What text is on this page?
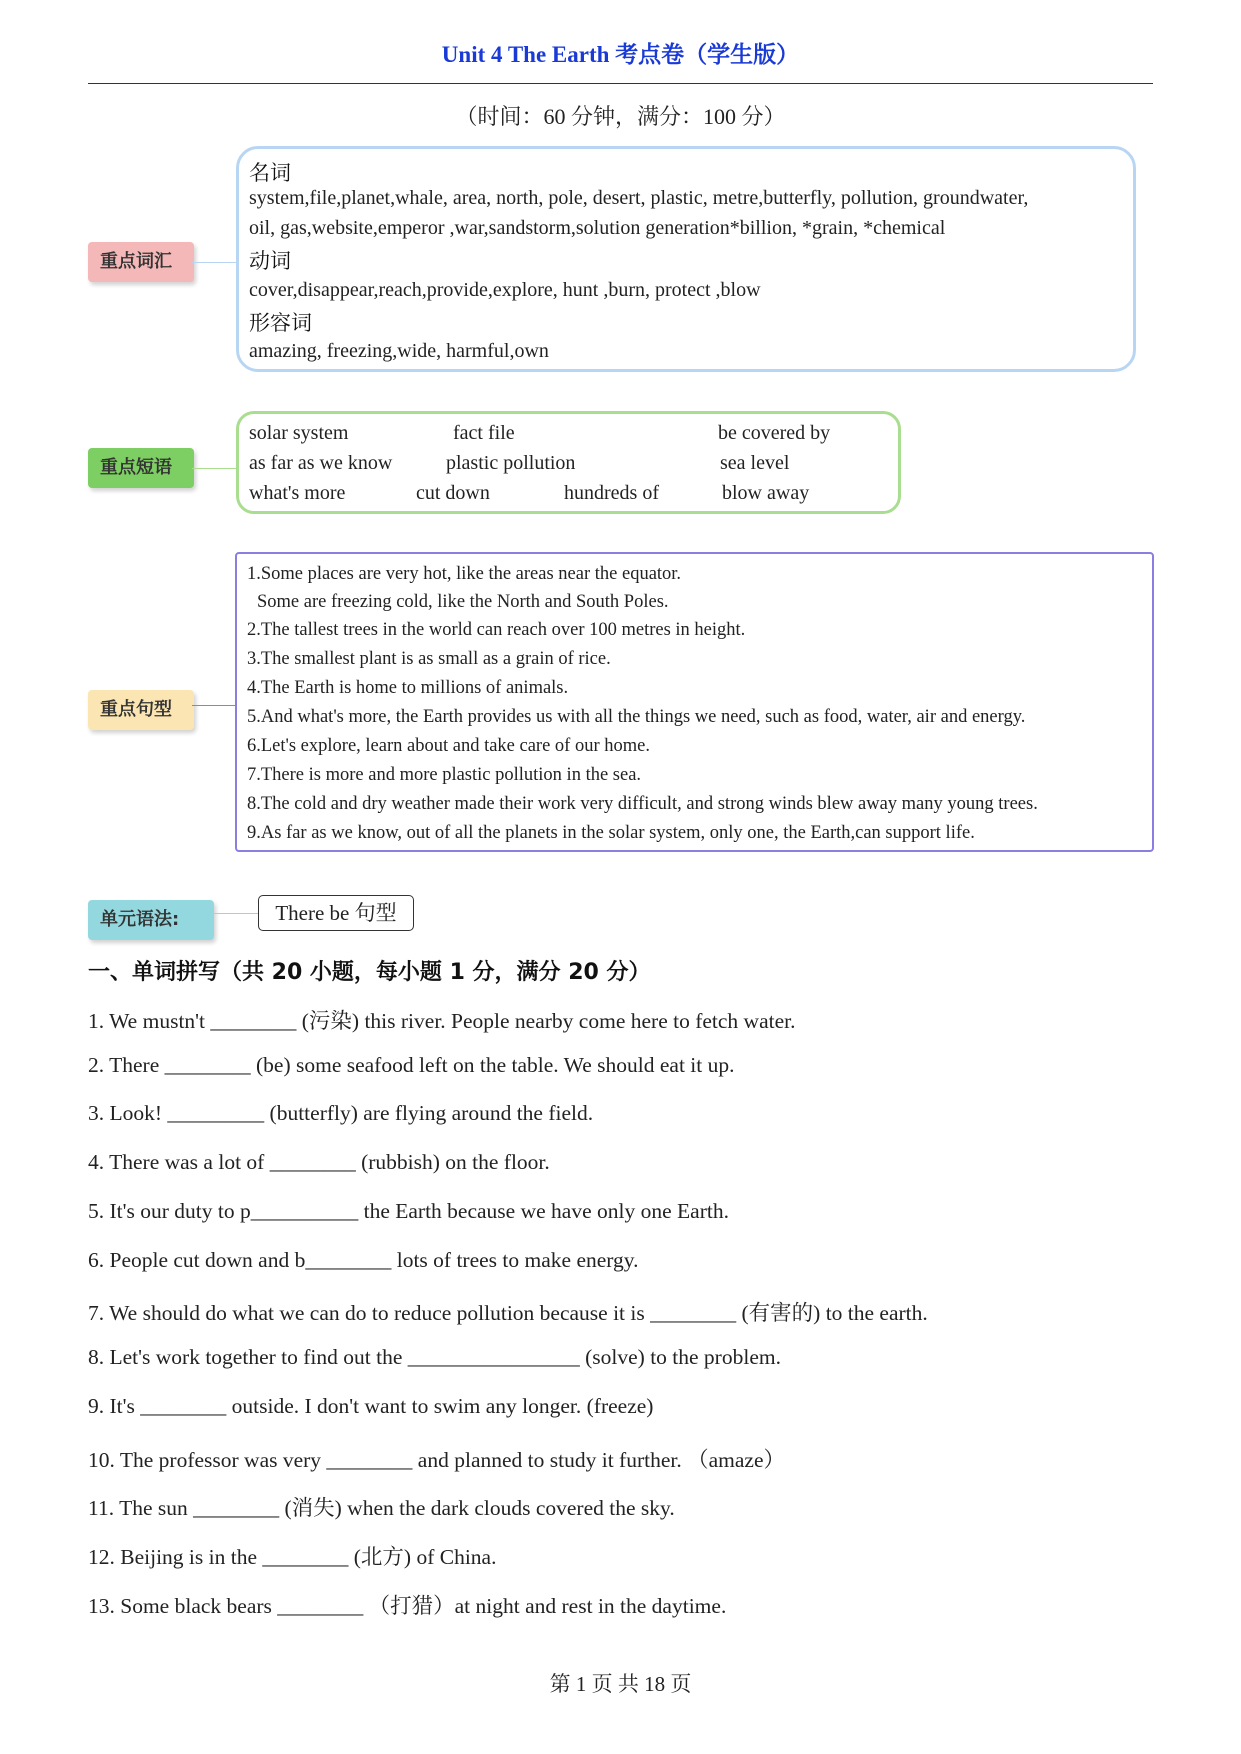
Unit 4 The Earth 考点卷（学生版）
（时间：60 分钟，满分：100 分）
重点词汇
名词
system,file,planet,whale, area, north, pole, desert, plastic, metre,butterfly, pollution, groundwater,
oil, gas,website,emperor ,war,sandstorm,solution generation*billion, *grain, *chemical
动词
cover,disappear,reach,provide,explore, hunt ,burn, protect ,blow
形容词
amazing, freezing,wide, harmful,own
重点短语
solar system	fact file	be covered by
as far as we know	plastic pollution	sea level
what's more	cut down	hundreds of	blow away
重点句型
1.Some places are very hot, like the areas near the equator.
Some are freezing cold, like the North and South Poles.
2.The tallest trees in the world can reach over 100 metres in height.
3.The smallest plant is as small as a grain of rice.
4.The Earth is home to millions of animals.
5.And what's more, the Earth provides us with all the things we need, such as food, water, air and energy.
6.Let's explore, learn about and take care of our home.
7.There is more and more plastic pollution in the sea.
8.The cold and dry weather made their work very difficult, and strong winds blew away many young trees.
9.As far as we know, out of all the planets in the solar system, only one, the Earth,can support life.
单元语法:	There be 句型
一、单词拼写（共 20 小题，每小题 1 分，满分 20 分）
1. We mustn't ________ (污染) this river. People nearby come here to fetch water.
2. There ________ (be) some seafood left on the table. We should eat it up.
3. Look! _________ (butterfly) are flying around the field.
4. There was a lot of ________ (rubbish) on the floor.
5. It's our duty to p__________ the Earth because we have only one Earth.
6. People cut down and b________ lots of trees to make energy.
7. We should do what we can do to reduce pollution because it is ________ (有害的) to the earth.
8. Let's work together to find out the ________________ (solve) to the problem.
9. It's ________ outside. I don't want to swim any longer. (freeze)
10. The professor was very ________ and planned to study it further. （amaze）
11. The sun ________ (消失) when the dark clouds covered the sky.
12. Beijing is in the ________ (北方) of China.
13. Some black bears ________ （打猎）at night and rest in the daytime.
第 1 页 共 18 页
